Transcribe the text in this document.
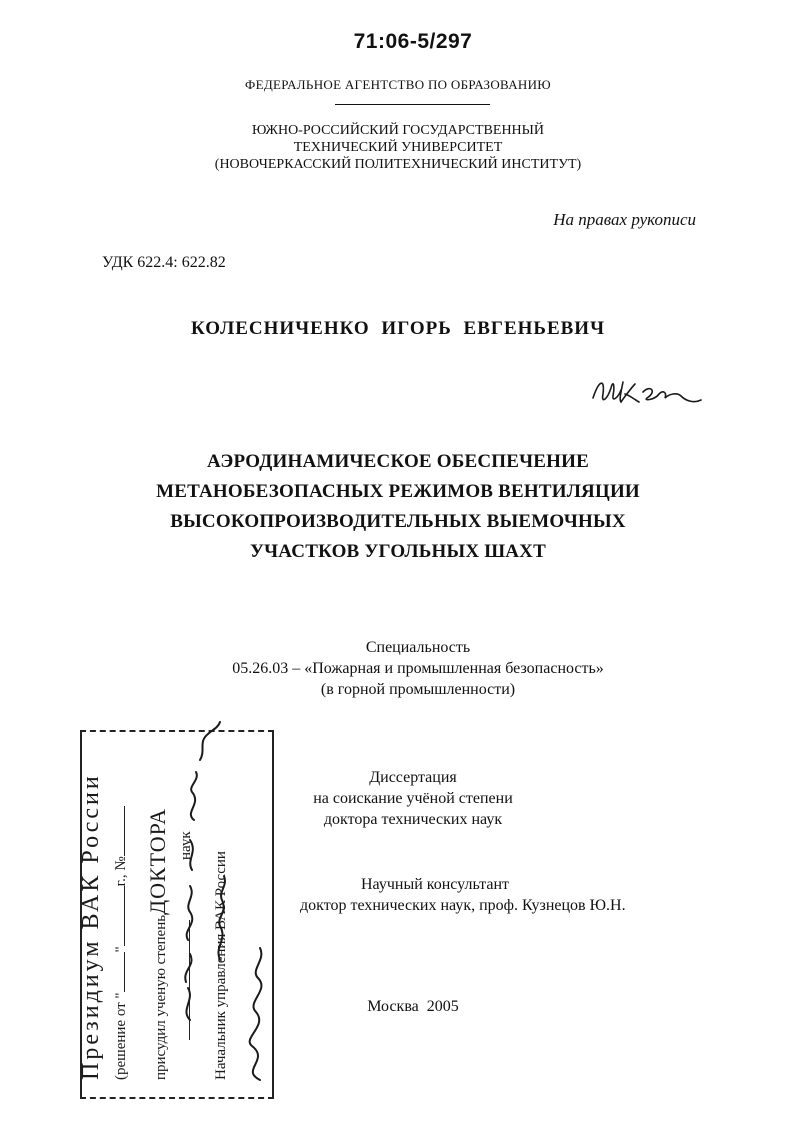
71:06-5/297
ФЕДЕРАЛЬНОЕ АГЕНТСТВО ПО ОБРАЗОВАНИЮ
ЮЖНО-РОССИЙСКИЙ ГОСУДАРСТВЕННЫЙ
ТЕХНИЧЕСКИЙ УНИВЕРСИТЕТ
(НОВОЧЕРКАССКИЙ ПОЛИТЕХНИЧЕСКИЙ ИНСТИТУТ)
На правах рукописи
УДК 622.4: 622.82
КОЛЕСНИЧЕНКО ИГОРЬ ЕВГЕНЬЕВИЧ
АЭРОДИНАМИЧЕСКОЕ ОБЕСПЕЧЕНИЕ
МЕТАНОБЕЗОПАСНЫХ РЕЖИМОВ ВЕНТИЛЯЦИИ
ВЫСОКОПРОИЗВОДИТЕЛЬНЫХ ВЫЕМОЧНЫХ
УЧАСТКОВ УГОЛЬНЫХ ШАХТ
Специальность
05.26.03 – «Пожарная и промышленная безопасность»
(в горной промышленности)
Диссертация
на соискание учёной степени
доктора технических наук
Научный консультант
доктор технических наук, проф. Кузнецов Ю.Н.
Москва 2005
Президиум ВАК России (решение от ""г., №
присудил ученую степеньДОКТОРА наук
Начальник управления ВАК России
